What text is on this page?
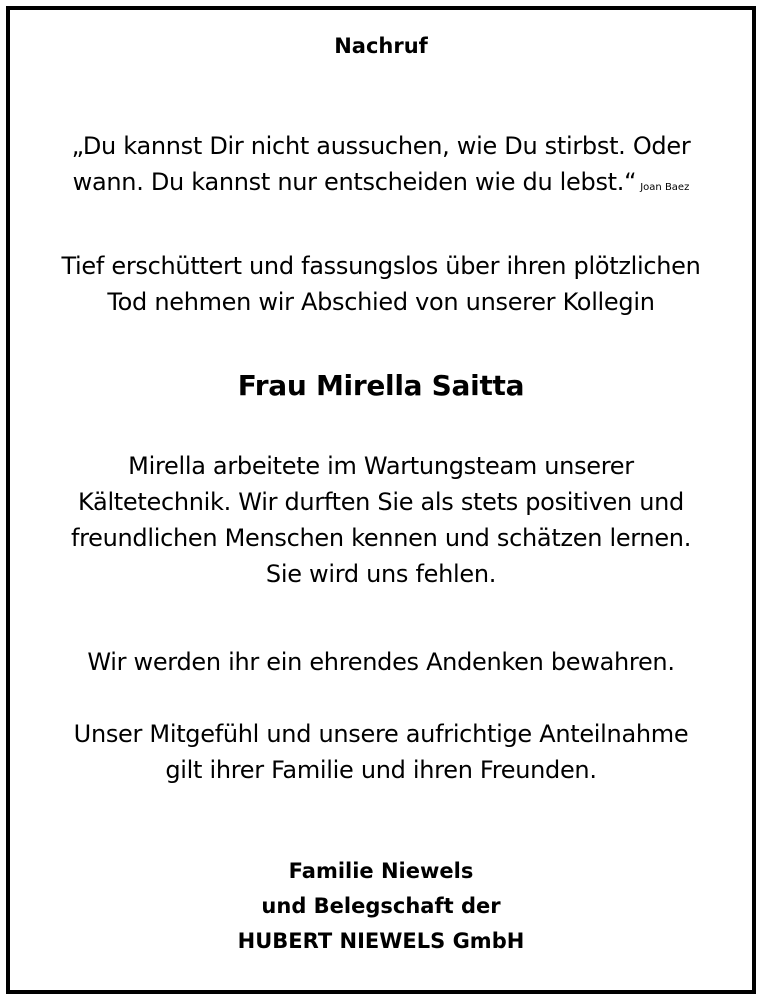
Nachruf
„Du kannst Dir nicht aussuchen, wie Du stirbst. Oder
wann. Du kannst nur entscheiden wie du lebst.“ Joan Baez
Tief erschüttert und fassungslos über ihren plötzlichen
Tod nehmen wir Abschied von unserer Kollegin
Frau Mirella Saitta
Mirella arbeitete im Wartungsteam unserer
Kältetechnik. Wir durften Sie als stets positiven und
freundlichen Menschen kennen und schätzen lernen.
Sie wird uns fehlen.
Wir werden ihr ein ehrendes Andenken bewahren.
Unser Mitgefühl und unsere aufrichtige Anteilnahme
gilt ihrer Familie und ihren Freunden.
Familie Niewels
und Belegschaft der
HUBERT NIEWELS GmbH
